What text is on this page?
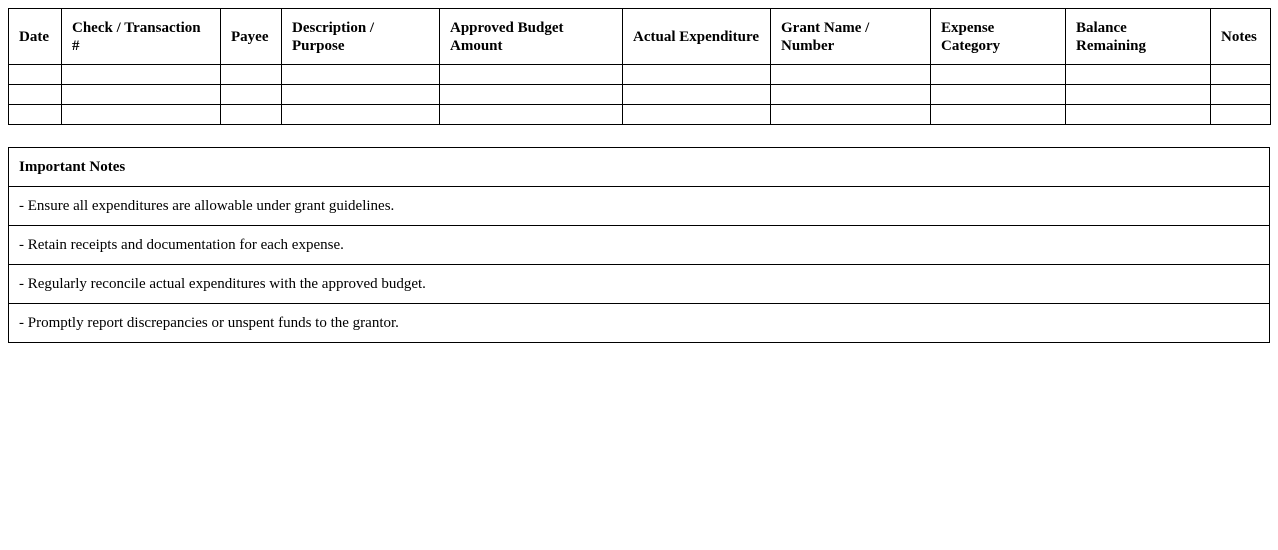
Date	Check / Transaction #	Payee	Description / Purpose	Approved Budget Amount	Actual Expenditure	Grant Name / Number	Expense Category	Balance Remaining	Notes

Important Notes
- Ensure all expenditures are allowable under grant guidelines.
- Retain receipts and documentation for each expense.
- Regularly reconcile actual expenditures with the approved budget.
- Promptly report discrepancies or unspent funds to the grantor.
